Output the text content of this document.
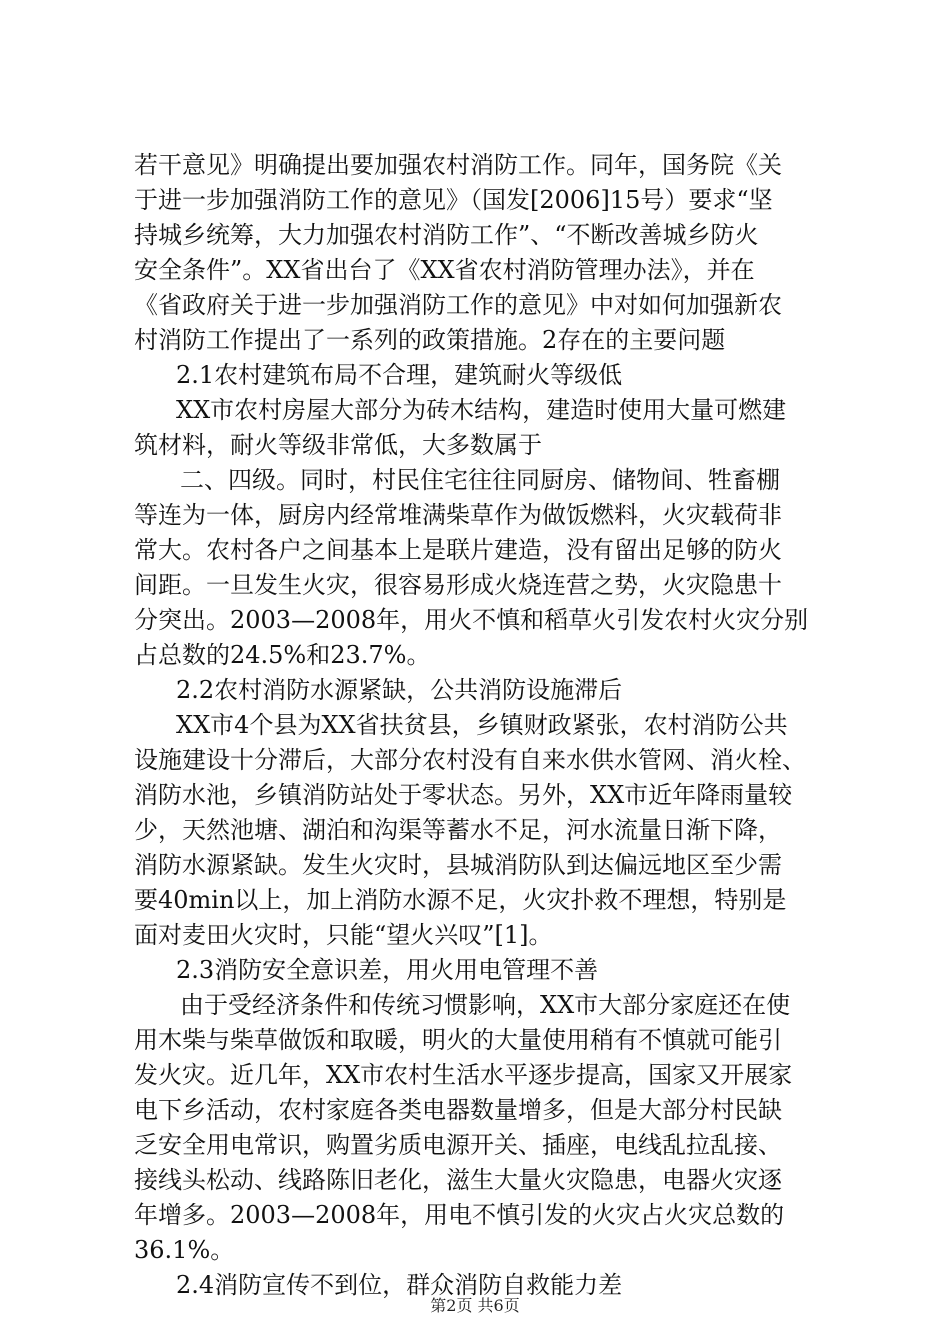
若干意见》明确提出要加强农村消防工作。同年，国务院《关
于进一步加强消防工作的意见》（国发[2006]15号）要求“坚
持城乡统筹，大力加强农村消防工作”、“不断改善城乡防火
安全条件”。XX省出台了《XX省农村消防管理办法》，并在
《省政府关于进一步加强消防工作的意见》中对如何加强新农
村消防工作提出了一系列的政策措施。2存在的主要问题
2.1农村建筑布局不合理，建筑耐火等级低
XX市农村房屋大部分为砖木结构，建造时使用大量可燃建
筑材料，耐火等级非常低，大多数属于
二、四级。同时，村民住宅往往同厨房、储物间、牲畜棚
等连为一体，厨房内经常堆满柴草作为做饭燃料，火灾载荷非
常大。农村各户之间基本上是联片建造，没有留出足够的防火
间距。一旦发生火灾，很容易形成火烧连营之势，火灾隐患十
分突出。2003—2008年，用火不慎和稻草火引发农村火灾分别
占总数的24.5%和23.7%。
2.2农村消防水源紧缺，公共消防设施滞后
XX市4个县为XX省扶贫县，乡镇财政紧张，农村消防公共
设施建设十分滞后，大部分农村没有自来水供水管网、消火栓、
消防水池，乡镇消防站处于零状态。另外，XX市近年降雨量较
少，天然池塘、湖泊和沟渠等蓄水不足，河水流量日渐下降，
消防水源紧缺。发生火灾时，县城消防队到达偏远地区至少需
要40min以上，加上消防水源不足，火灾扑救不理想，特别是
面对麦田火灾时，只能“望火兴叹”[1]。
2.3消防安全意识差，用火用电管理不善
由于受经济条件和传统习惯影响，XX市大部分家庭还在使
用木柴与柴草做饭和取暖，明火的大量使用稍有不慎就可能引
发火灾。近几年，XX市农村生活水平逐步提高，国家又开展家
电下乡活动，农村家庭各类电器数量增多，但是大部分村民缺
乏安全用电常识，购置劣质电源开关、插座，电线乱拉乱接、
接线头松动、线路陈旧老化，滋生大量火灾隐患，电器火灾逐
年增多。2003—2008年，用电不慎引发的火灾占火灾总数的
36.1%。
2.4消防宣传不到位，群众消防自救能力差
第2页 共6页
